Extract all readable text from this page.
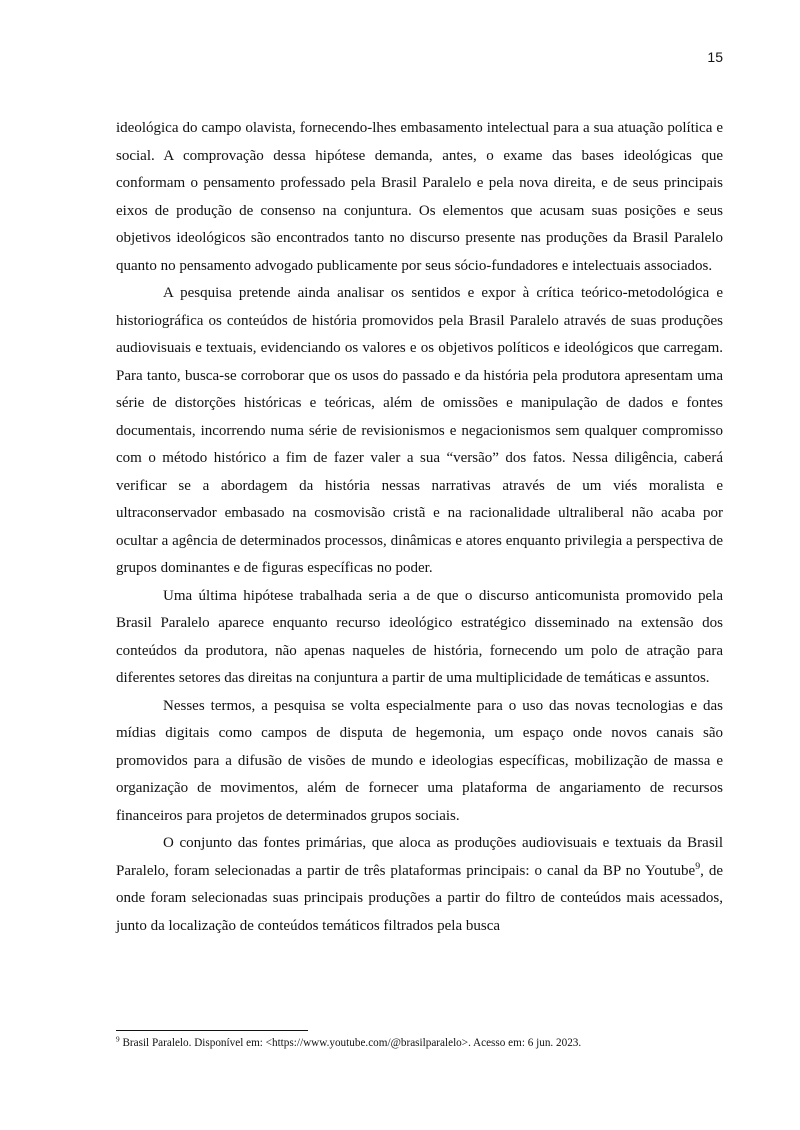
15

ideológica do campo olavista, fornecendo-lhes embasamento intelectual para a sua atuação política e social. A comprovação dessa hipótese demanda, antes, o exame das bases ideológicas que conformam o pensamento professado pela Brasil Paralelo e pela nova direita, e de seus principais eixos de produção de consenso na conjuntura. Os elementos que acusam suas posições e seus objetivos ideológicos são encontrados tanto no discurso presente nas produções da Brasil Paralelo quanto no pensamento advogado publicamente por seus sócio-fundadores e intelectuais associados.

A pesquisa pretende ainda analisar os sentidos e expor à crítica teórico-metodológica e historiográfica os conteúdos de história promovidos pela Brasil Paralelo através de suas produções audiovisuais e textuais, evidenciando os valores e os objetivos políticos e ideológicos que carregam. Para tanto, busca-se corroborar que os usos do passado e da história pela produtora apresentam uma série de distorções históricas e teóricas, além de omissões e manipulação de dados e fontes documentais, incorrendo numa série de revisionismos e negacionismos sem qualquer compromisso com o método histórico a fim de fazer valer a sua “versão” dos fatos. Nessa diligência, caberá verificar se a abordagem da história nessas narrativas através de um viés moralista e ultraconservador embasado na cosmovisão cristã e na racionalidade ultraliberal não acaba por ocultar a agência de determinados processos, dinâmicas e atores enquanto privilegia a perspectiva de grupos dominantes e de figuras específicas no poder.

Uma última hipótese trabalhada seria a de que o discurso anticomunista promovido pela Brasil Paralelo aparece enquanto recurso ideológico estratégico disseminado na extensão dos conteúdos da produtora, não apenas naqueles de história, fornecendo um polo de atração para diferentes setores das direitas na conjuntura a partir de uma multiplicidade de temáticas e assuntos.

Nesses termos, a pesquisa se volta especialmente para o uso das novas tecnologias e das mídias digitais como campos de disputa de hegemonia, um espaço onde novos canais são promovidos para a difusão de visões de mundo e ideologias específicas, mobilização de massa e organização de movimentos, além de fornecer uma plataforma de angariamento de recursos financeiros para projetos de determinados grupos sociais.

O conjunto das fontes primárias, que aloca as produções audiovisuais e textuais da Brasil Paralelo, foram selecionadas a partir de três plataformas principais: o canal da BP no Youtube$^9$, de onde foram selecionadas suas principais produções a partir do filtro de conteúdos mais acessados, junto da localização de conteúdos temáticos filtrados pela busca

$^9$ Brasil Paralelo. Disponível em: <https://www.youtube.com/@brasilparalelo>. Acesso em: 6 jun. 2023.
